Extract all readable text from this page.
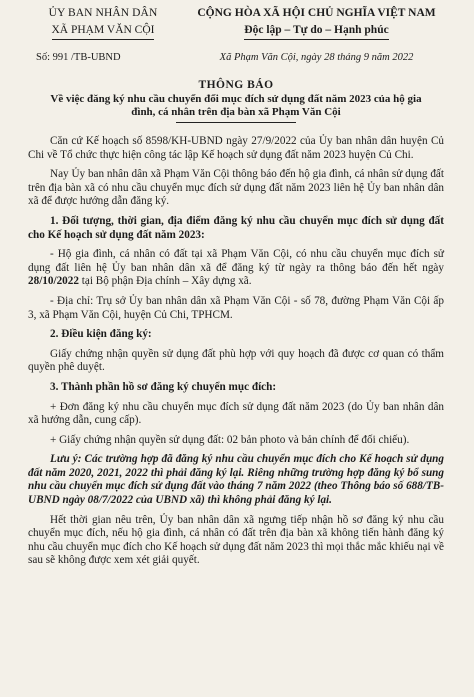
ỦY BAN NHÂN DÂN
XÃ PHẠM VĂN CỘI
Số: 991 /TB-UBND
CỘNG HÒA XÃ HỘI CHỦ NGHĨA VIỆT NAM
Độc lập – Tự do – Hạnh phúc
Xã Phạm Văn Cội, ngày 28 tháng 9 năm 2022
THÔNG BÁO
Về việc đăng ký nhu cầu chuyển đổi mục đích sử dụng đất năm 2023 của hộ gia đình, cá nhân trên địa bàn xã Phạm Văn Cội

Căn cứ Kế hoạch số 8598/KH-UBND ngày 27/9/2022 của Ủy ban nhân dân huyện Củ Chi về Tổ chức thực hiện công tác lập Kế hoạch sử dụng đất năm 2023 huyện Củ Chi.

Nay Ủy ban nhân dân xã Phạm Văn Cội thông báo đến hộ gia đình, cá nhân sử dụng đất trên địa bàn xã có nhu cầu chuyển mục đích sử dụng đất năm 2023 liên hệ Ủy ban nhân dân xã để được hướng dẫn đăng ký.

1. Đối tượng, thời gian, địa điểm đăng ký nhu cầu chuyển mục đích sử dụng đất cho Kế hoạch sử dụng đất năm 2023:

- Hộ gia đình, cá nhân có đất tại xã Phạm Văn Cội, có nhu cầu chuyển mục đích sử dụng đất liên hệ Ủy ban nhân dân xã để đăng ký từ ngày ra thông báo đến hết ngày 28/10/2022 tại Bộ phận Địa chính – Xây dựng xã.

- Địa chỉ: Trụ sở Ủy ban nhân dân xã Phạm Văn Cội - số 78, đường Phạm Văn Cội ấp 3, xã Phạm Văn Cội, huyện Củ Chi, TPHCM.

2. Điều kiện đăng ký:

Giấy chứng nhận quyền sử dụng đất phù hợp với quy hoạch đã được cơ quan có thẩm quyền phê duyệt.

3. Thành phần hồ sơ đăng ký chuyển mục đích:

+ Đơn đăng ký nhu cầu chuyển mục đích sử dụng đất năm 2023 (do Ủy ban nhân dân xã hướng dẫn, cung cấp).

+ Giấy chứng nhận quyền sử dụng đất: 02 bản photo và bản chính để đối chiếu).

Lưu ý: Các trường hợp đã đăng ký nhu cầu chuyển mục đích cho Kế hoạch sử dụng đất năm 2020, 2021, 2022 thì phải đăng ký lại. Riêng những trường hợp đăng ký bổ sung nhu cầu chuyển mục đích sử dụng đất vào tháng 7 năm 2022 (theo Thông báo số 688/TB-UBND ngày 08/7/2022 của UBND xã) thì không phải đăng ký lại.

Hết thời gian nêu trên, Ủy ban nhân dân xã ngưng tiếp nhận hồ sơ đăng ký nhu cầu chuyển mục đích, nếu hộ gia đình, cá nhân có đất trên địa bàn xã không tiến hành đăng ký nhu cầu chuyển mục đích cho Kế hoạch sử dụng đất năm 2023 thì mọi thắc mắc khiếu nại về sau sẽ không được xem xét giải quyết.
